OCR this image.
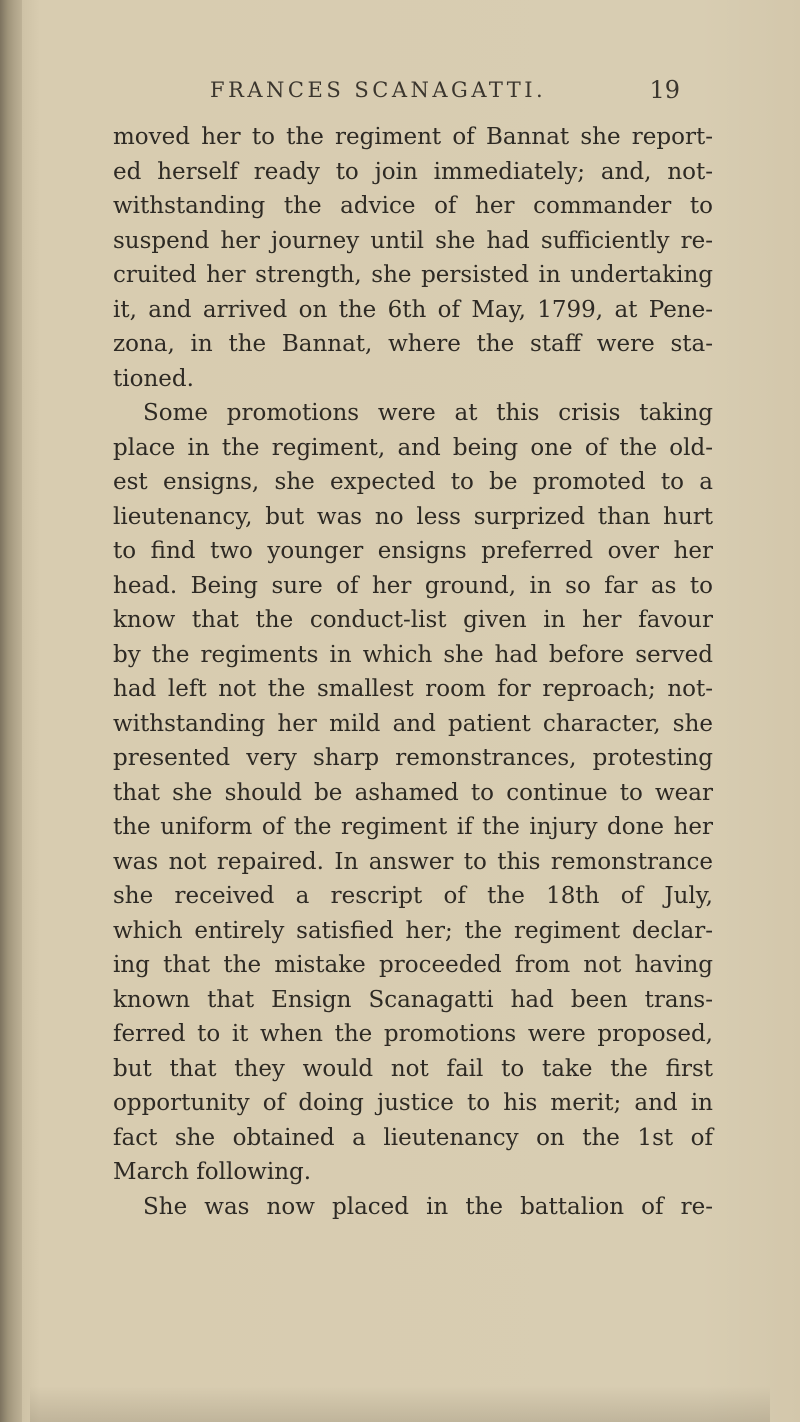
FRANCES SCANAGATTI.	19
moved her to the regiment of Bannat she report-
ed herself ready to join immediately; and, not-
withstanding the advice of her commander to
suspend her journey until she had sufficiently re-
cruited her strength, she persisted in undertaking
it, and arrived on the 6th of May, 1799, at Pene-
zona, in the Bannat, where the staff were sta-
tioned.
Some promotions were at this crisis taking
place in the regiment, and being one of the old-
est ensigns, she expected to be promoted to a
lieutenancy, but was no less surprized than hurt
to find two younger ensigns preferred over her
head. Being sure of her ground, in so far as to
know that the conduct-list given in her favour
by the regiments in which she had before served
had left not the smallest room for reproach; not-
withstanding her mild and patient character, she
presented very sharp remonstrances, protesting
that she should be ashamed to continue to wear
the uniform of the regiment if the injury done her
was not repaired. In answer to this remonstrance
she received a rescript of the 18th of July,
which entirely satisfied her; the regiment declar-
ing that the mistake proceeded from not having
known that Ensign Scanagatti had been trans-
ferred to it when the promotions were proposed,
but that they would not fail to take the first
opportunity of doing justice to his merit; and in
fact she obtained a lieutenancy on the 1st of
March following.
She was now placed in the battalion of re-
